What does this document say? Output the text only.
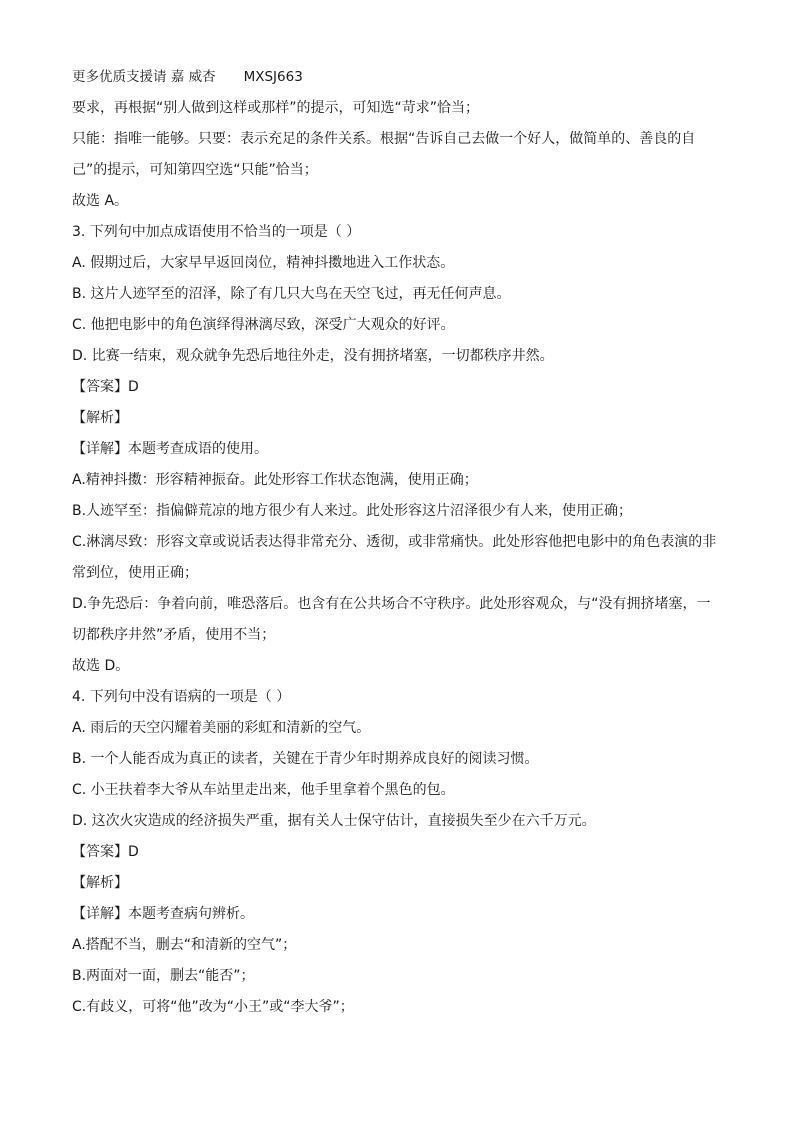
更多优质支援请 嘉 威杏 MXSJ663
要求，再根据“别人做到这样或那样”的提示，可知选“苛求”恰当；
只能：指唯一能够。只要：表示充足的条件关系。根据“告诉自己去做一个好人，做简单的、善良的自
己”的提示，可知第四空选“只能”恰当；
故选 A。
3. 下列句中加点成语使用不恰当的一项是（ ）
A. 假期过后，大家早早返回岗位，精神抖擞地进入工作状态。
B. 这片人迹罕至的沼泽，除了有几只大鸟在天空飞过，再无任何声息。
C. 他把电影中的角色演绎得淋漓尽致，深受广大观众的好评。
D. 比赛一结束，观众就争先恐后地往外走，没有拥挤堵塞，一切都秩序井然。
【答案】D
【解析】
【详解】本题考查成语的使用。
A.精神抖擞：形容精神振奋。此处形容工作状态饱满，使用正确；
B.人迹罕至：指偏僻荒凉的地方很少有人来过。此处形容这片沼泽很少有人来，使用正确；
C.淋漓尽致：形容文章或说话表达得非常充分、透彻，或非常痛快。此处形容他把电影中的角色表演的非
常到位，使用正确；
D.争先恐后：争着向前，唯恐落后。也含有在公共场合不守秩序。此处形容观众，与“没有拥挤堵塞，一
切都秩序井然”矛盾，使用不当；
故选 D。
4. 下列句中没有语病的一项是（ ）
A. 雨后的天空闪耀着美丽的彩虹和清新的空气。
B. 一个人能否成为真正的读者，关键在于青少年时期养成良好的阅读习惯。
C. 小王扶着李大爷从车站里走出来，他手里拿着个黑色的包。
D. 这次火灾造成的经济损失严重，据有关人士保守估计，直接损失至少在六千万元。
【答案】D
【解析】
【详解】本题考查病句辨析。
A.搭配不当，删去“和清新的空气”；
B.两面对一面，删去“能否”；
C.有歧义，可将“他”改为“小王”或“李大爷”；
